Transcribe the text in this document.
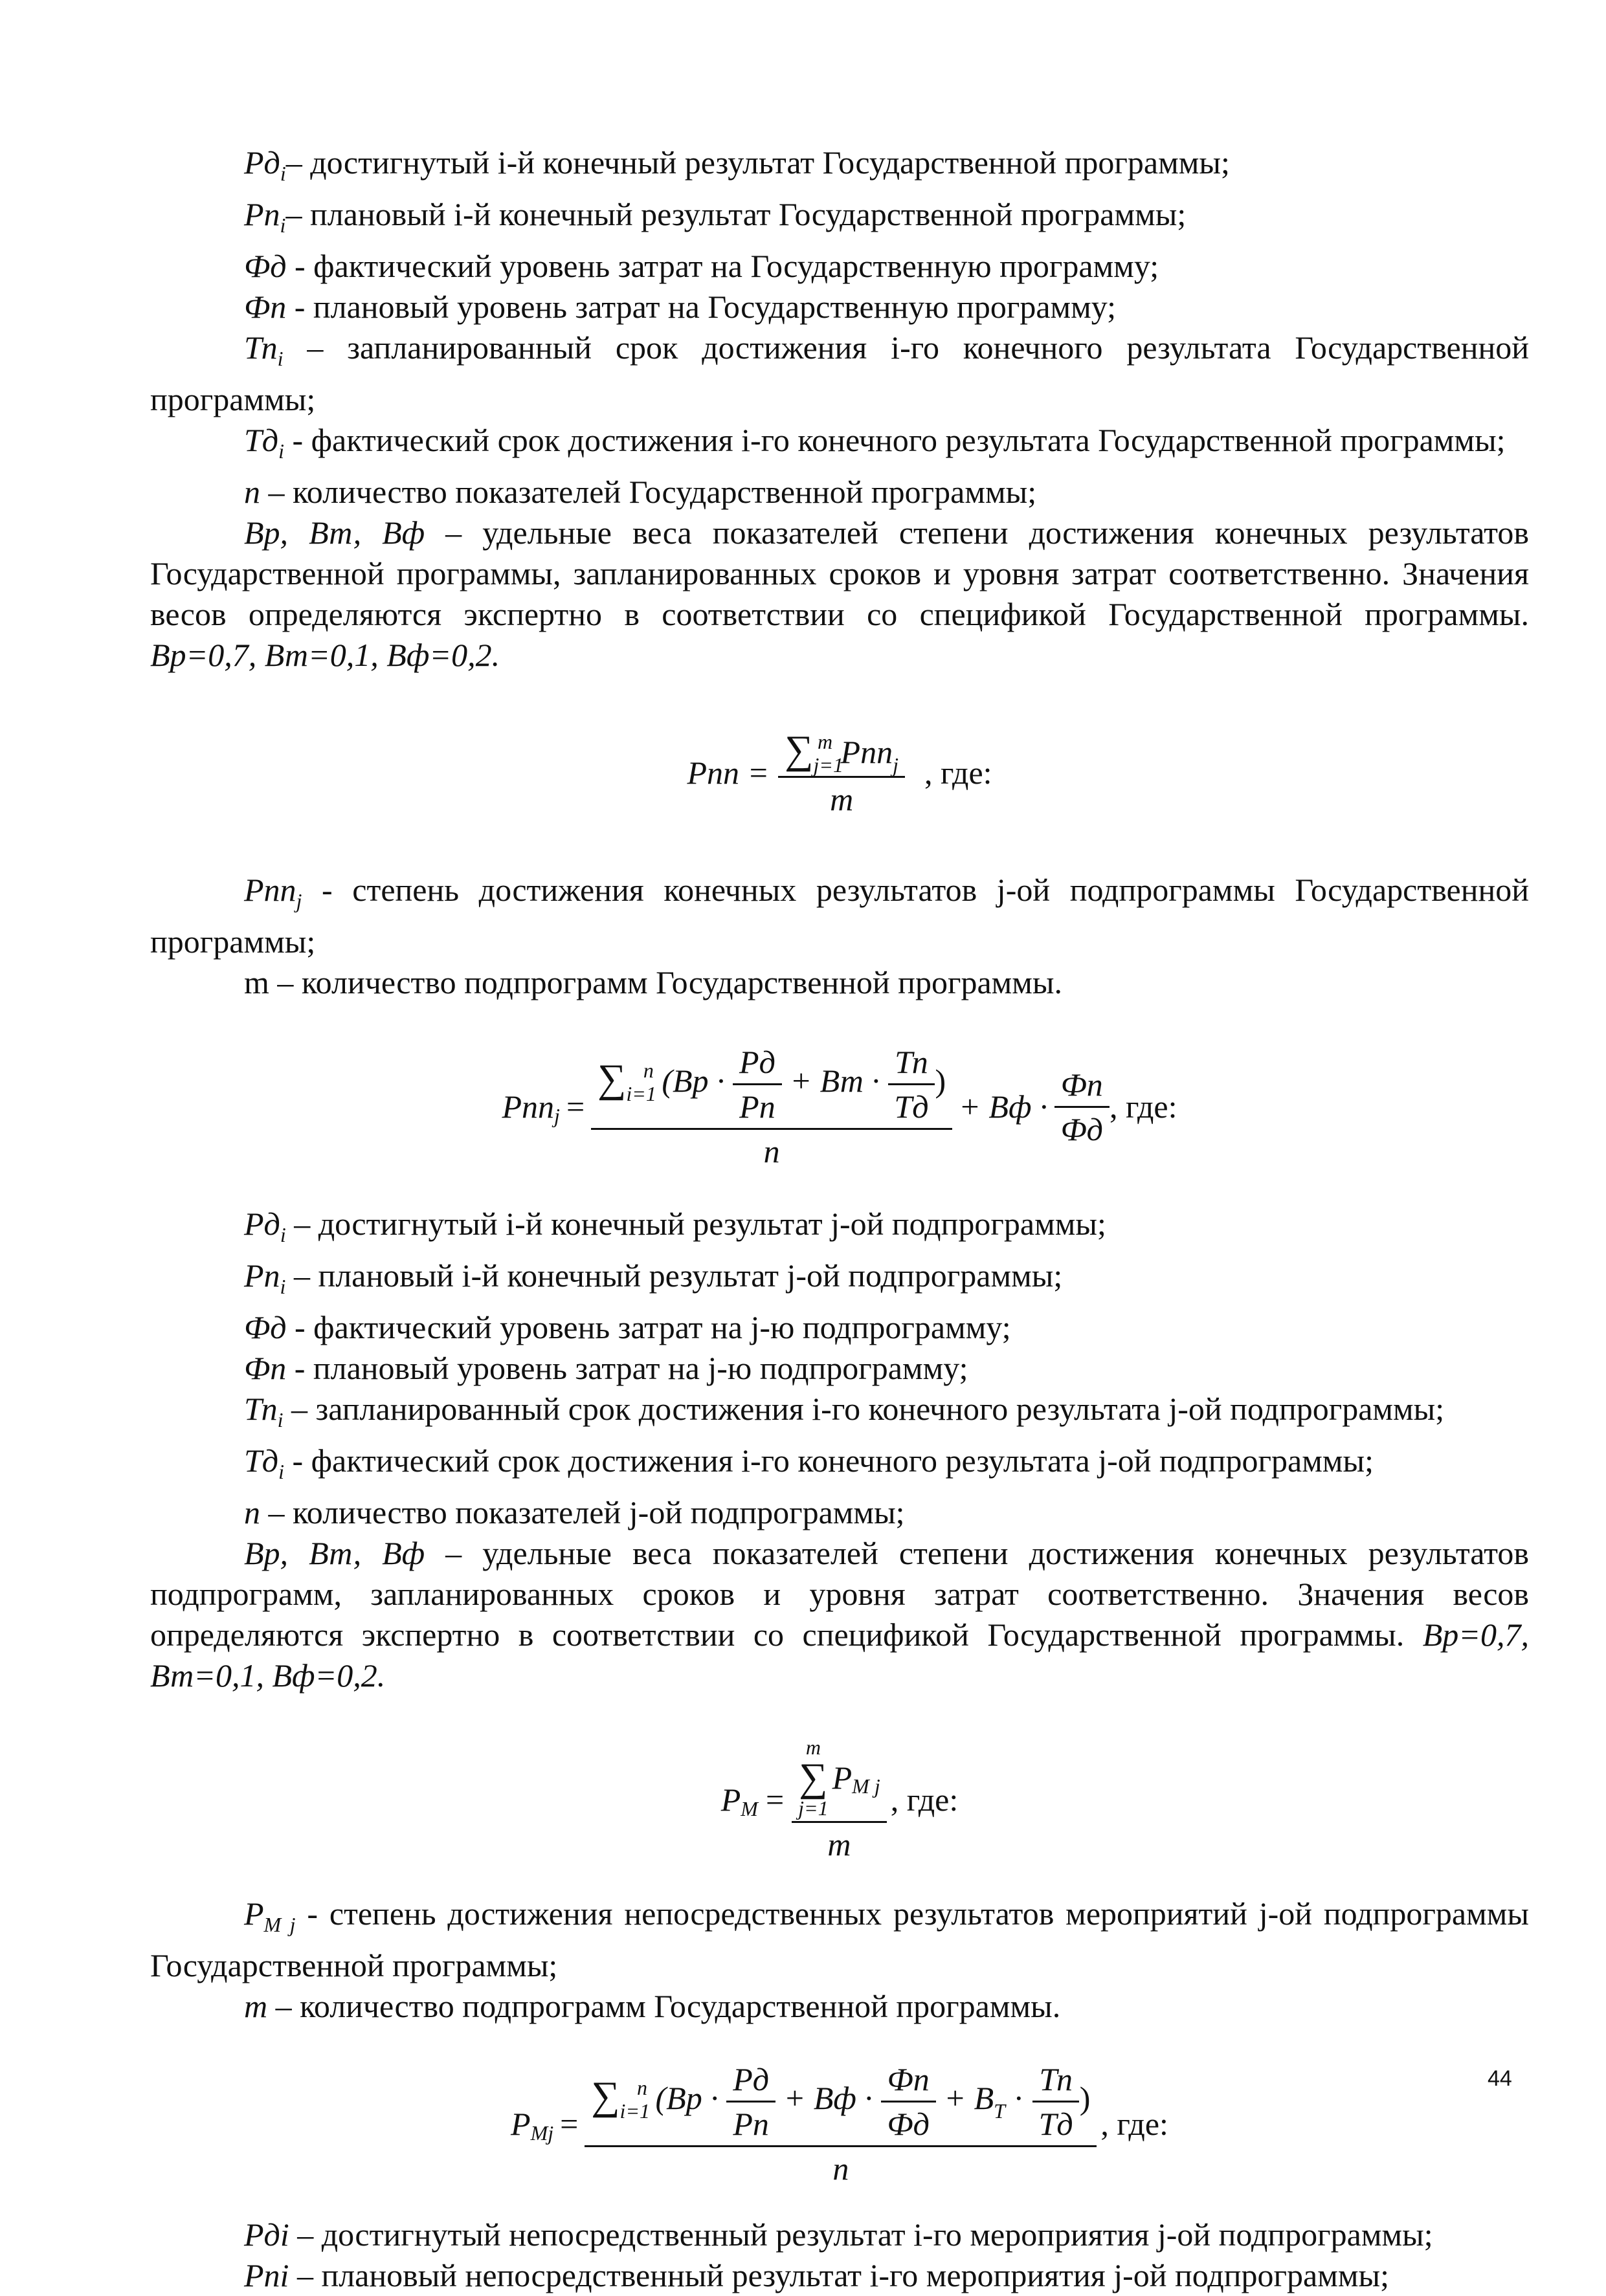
$Pд_i-$ достигнутый i-й конечный результат Государственной программы;

$Pп_i-$ плановый i-й конечный результат Государственной программы;

Фд - фактический уровень затрат на Государственную программу;

Фп - плановый уровень затрат на Государственную программу;

$Тп_i$ – запланированный срок достижения i-го конечного результата Государственной программы;

$Тд_i$ - фактический срок достижения i-го конечного результата Государственной программы;

n – количество показателей Государственной программы;

Вр, Вт, Вф – удельные веса показателей степени достижения конечных результатов Государственной программы, запланированных сроков и уровня затрат соответственно. Значения весов определяются экспертно в соответствии со спецификой Государственной программы. Вр=0,7, Вт=0,1, Вф=0,2.

Pпп = $\frac{\sum_{j=1}^m Pпп_j}{m}$ , где:

Pпп$_j$ - степень достижения конечных результатов j-ой подпрограммы Государственной программы;

m – количество подпрограмм Государственной программы.

Pпп j =
$\sum_{i=1}^n$ ($Вр \cdot \frac{Pд}{Pп}$ + Вт · $\frac{Тп}{Тд}$ )
n
+ Вф · $\frac{Фп}{Фд}$ , где:

$Pд_i$ – достигнутый i-й конечный результат j-ой подпрограммы;

$Pп_i$ – плановый i-й конечный результат j-ой подпрограммы;

Фд - фактический уровень затрат на j-ю подпрограмму;

Фп - плановый уровень затрат на j-ю подпрограмму;

$Тп_i$ – запланированный срок достижения i-го конечного результата j-ой подпрограммы;

$Тд_i$ - фактический срок достижения i-го конечного результата j-ой подпрограммы;

n – количество показателей j-ой подпрограммы;

Вр, Вт, Вф – удельные веса показателей степени достижения конечных результатов подпрограмм, запланированных сроков и уровня затрат соответственно. Значения весов определяются экспертно в соответствии со спецификой Государственной программы. Вр=0,7, Вт=0,1, Вф=0,2.

P M = m
∑
j=1
P M j
m , где:

$P_{M j}$ - степень достижения непосредственных результатов мероприятий j-ой подпрограммы Государственной программы;

m – количество подпрограмм Государственной программы.

P Mj =
$\sum_{i=1}^n$ ($Вр \cdot \frac{Pд}{Pп}$ + Вф · $\frac{Фп}{Фд} + В_Т \cdot \frac{Тп}{Тд}$ )
n
, где:

Pдi – достигнутый непосредственный результат i-го мероприятия j-ой подпрограммы;

Pпi – плановый непосредственный результат i-го мероприятия j-ой подпрограммы;

44
